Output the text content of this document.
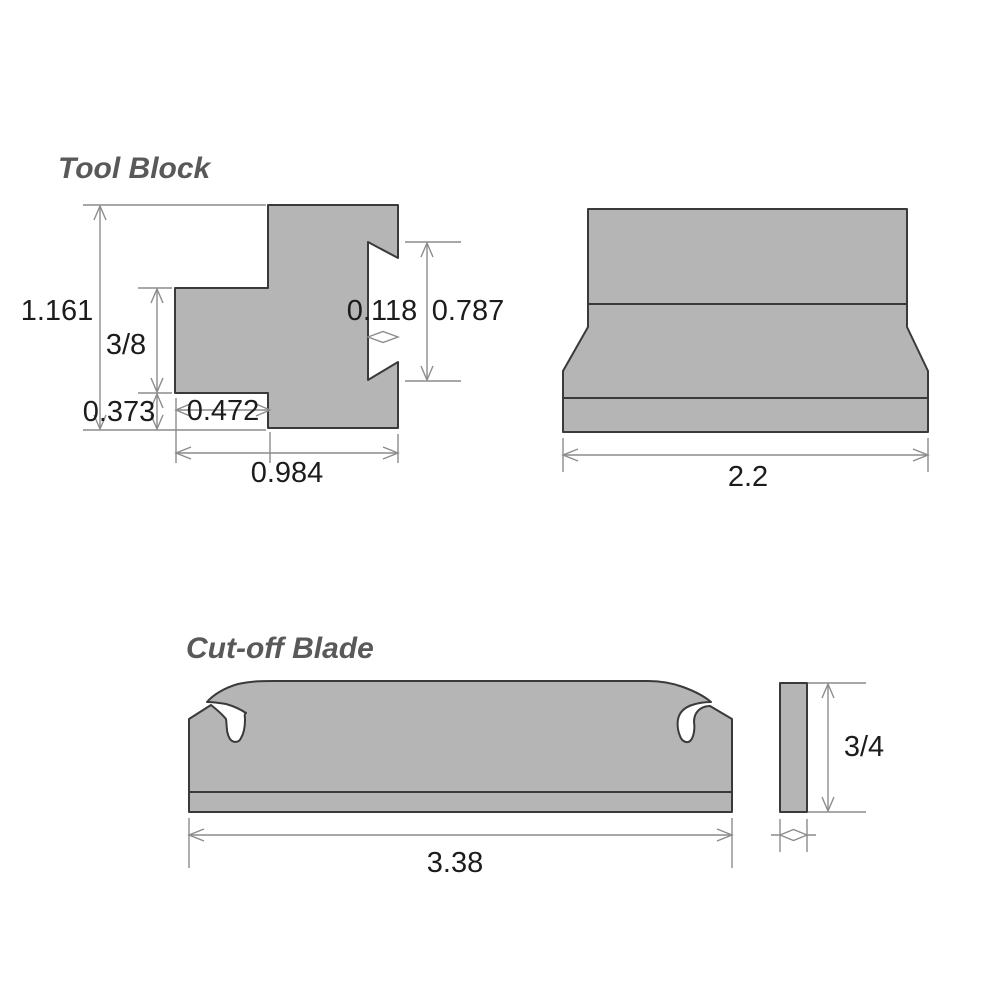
Tool Block
Cut-off Blade
1.161
3/8
0.373 0.472
0.118 0.787
0.984	2.2
3.38
3/4
